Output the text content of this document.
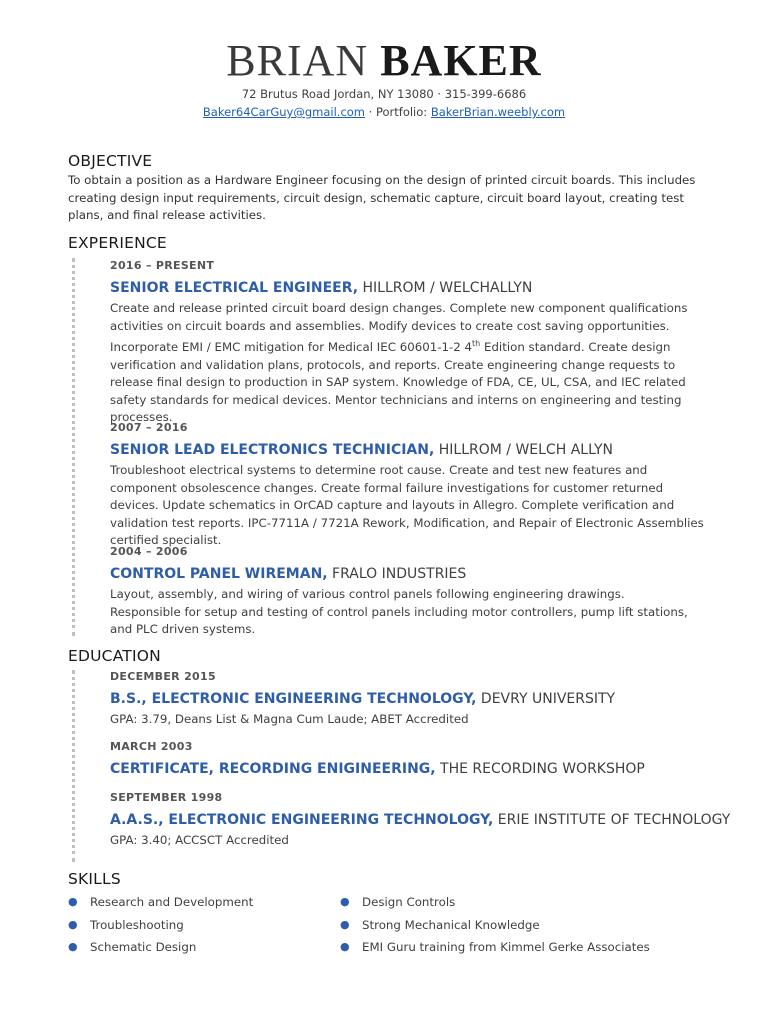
BRIAN BAKER
72 Brutus Road Jordan, NY 13080 · 315-399-6686
Baker64CarGuy@gmail.com · Portfolio: BakerBrian.weebly.com
OBJECTIVE

To obtain a position as a Hardware Engineer focusing on the design of printed circuit boards. This includes creating design input requirements, circuit design, schematic capture, circuit board layout, creating test plans, and final release activities.

EXPERIENCE
2016 – PRESENT
SENIOR ELECTRICAL ENGINEER, HILLROM / WELCHALLYN
Create and release printed circuit board design changes. Complete new component qualifications activities on circuit boards and assemblies. Modify devices to create cost saving opportunities. Incorporate EMI / EMC mitigation for Medical IEC 60601-1-2 4th Edition standard. Create design verification and validation plans, protocols, and reports. Create engineering change requests to release final design to production in SAP system. Knowledge of FDA, CE, UL, CSA, and IEC related safety standards for medical devices. Mentor technicians and interns on engineering and testing processes.
2007 – 2016
SENIOR LEAD ELECTRONICS TECHNICIAN, HILLROM / WELCH ALLYN
Troubleshoot electrical systems to determine root cause. Create and test new features and component obsolescence changes. Create formal failure investigations for customer returned devices. Update schematics in OrCAD capture and layouts in Allegro. Complete verification and validation test reports. IPC-7711A / 7721A Rework, Modification, and Repair of Electronic Assemblies certified specialist.
2004 – 2006
CONTROL PANEL WIREMAN, FRALO INDUSTRIES
Layout, assembly, and wiring of various control panels following engineering drawings.
Responsible for setup and testing of control panels including motor controllers, pump lift stations, and PLC driven systems.
EDUCATION
DECEMBER 2015
B.S., ELECTRONIC ENGINEERING TECHNOLOGY, DEVRY UNIVERSITY
GPA: 3.79, Deans List & Magna Cum Laude; ABET Accredited
MARCH 2003
CERTIFICATE, RECORDING ENIGINEERING, THE RECORDING WORKSHOP
SEPTEMBER 1998
A.A.S., ELECTRONIC ENGINEERING TECHNOLOGY, ERIE INSTITUTE OF TECHNOLOGY
GPA: 3.40; ACCSCT Accredited
SKILLS
● Research and Development
● Troubleshooting
● Schematic Design
● Design Controls
● Strong Mechanical Knowledge
● EMI Guru training from Kimmel Gerke Associates
